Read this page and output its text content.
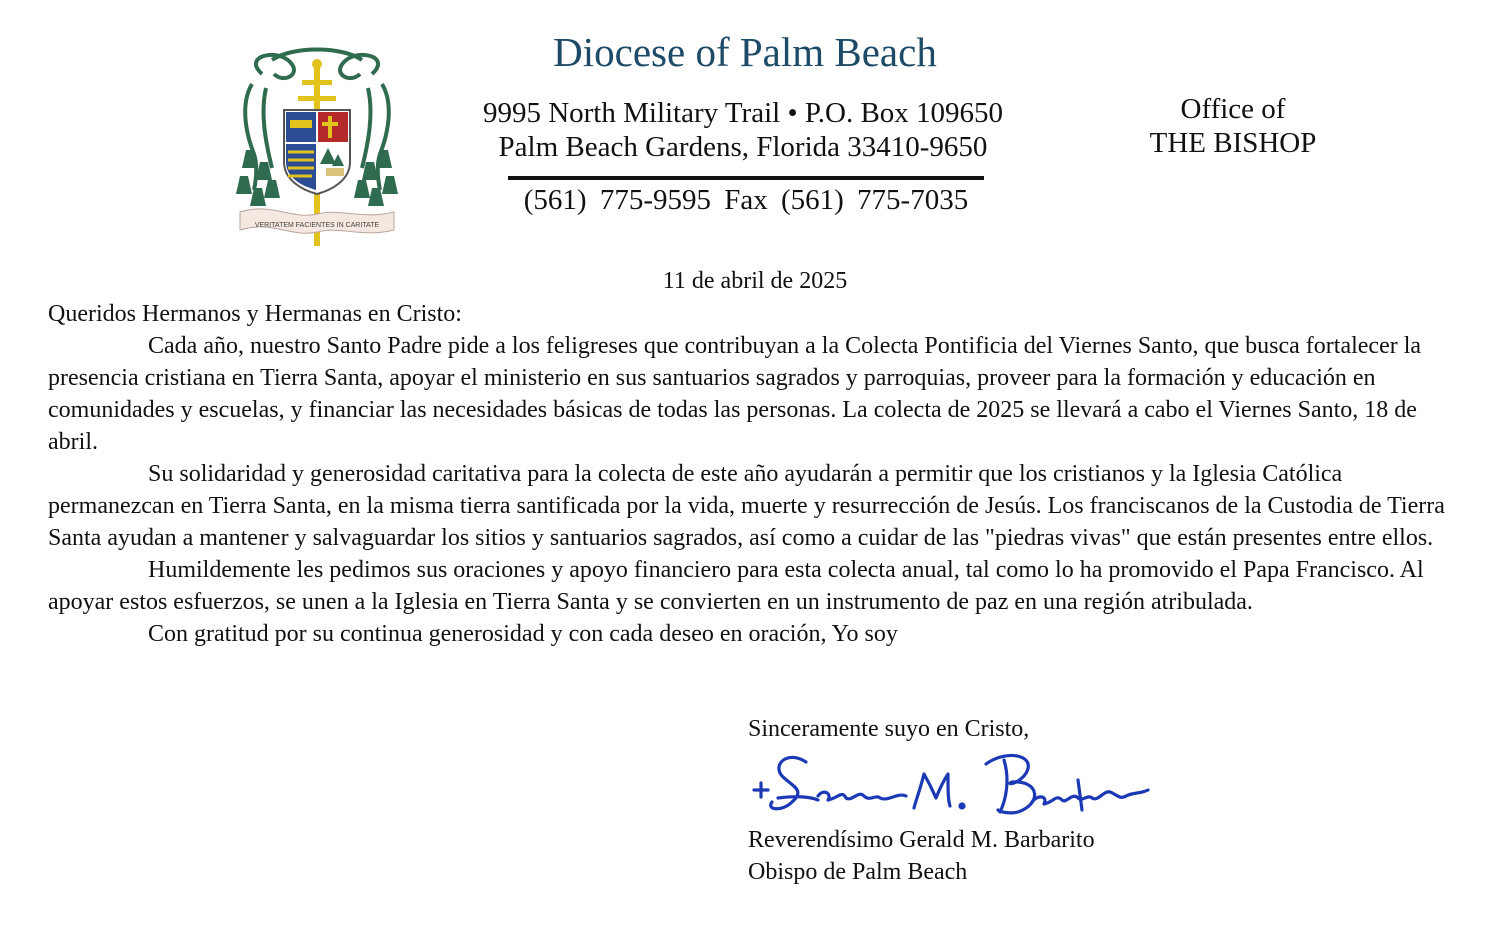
VERITATEM FACIENTES IN CARITATE
Diocese of Palm Beach
9995 North Military Trail • P.O. Box 109650
Palm Beach Gardens, Florida 33410-9650
(561) 775-9595 Fax (561) 775-7035
Office of
THE BISHOP
11 de abril de 2025

Queridos Hermanos y Hermanas en Cristo:

Cada año, nuestro Santo Padre pide a los feligreses que contribuyan a la Colecta Pontificia del Viernes Santo, que busca fortalecer la presencia cristiana en Tierra Santa, apoyar el ministerio en sus santuarios sagrados y parroquias, proveer para la formación y educación en comunidades y escuelas, y financiar las necesidades básicas de todas las personas. La colecta de 2025 se llevará a cabo el Viernes Santo, 18 de abril.

Su solidaridad y generosidad caritativa para la colecta de este año ayudarán a permitir que los cristianos y la Iglesia Católica permanezcan en Tierra Santa, en la misma tierra santificada por la vida, muerte y resurrección de Jesús. Los franciscanos de la Custodia de Tierra Santa ayudan a mantener y salvaguardar los sitios y santuarios sagrados, así como a cuidar de las "piedras vivas" que están presentes entre ellos.

Humildemente les pedimos sus oraciones y apoyo financiero para esta colecta anual, tal como lo ha promovido el Papa Francisco. Al apoyar estos esfuerzos, se unen a la Iglesia en Tierra Santa y se convierten en un instrumento de paz en una región atribulada.

Con gratitud por su continua generosidad y con cada deseo en oración, Yo soy

Sinceramente suyo en Cristo,
Reverendísimo Gerald M. Barbarito
Obispo de Palm Beach
